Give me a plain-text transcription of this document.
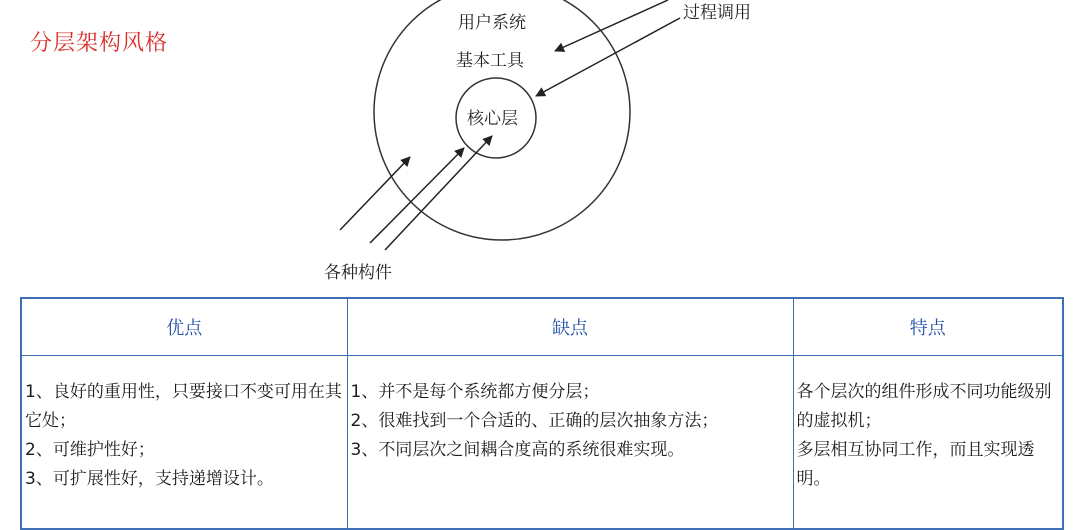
分层架构风格
用户系统
基本工具
核心层
过程调用
各种构件
优点	缺点	特点

1、良好的重用性，只要接口不变可用在其它处；
2、可维护性好；
3、可扩展性好，支持递增设计。	1、并不是每个系统都方便分层；
2、很难找到一个合适的、正确的层次抽象方法；
3、不同层次之间耦合度高的系统很难实现。	各个层次的组件形成不同功能级别的虚拟机；
多层相互协同工作，而且实现透明。
